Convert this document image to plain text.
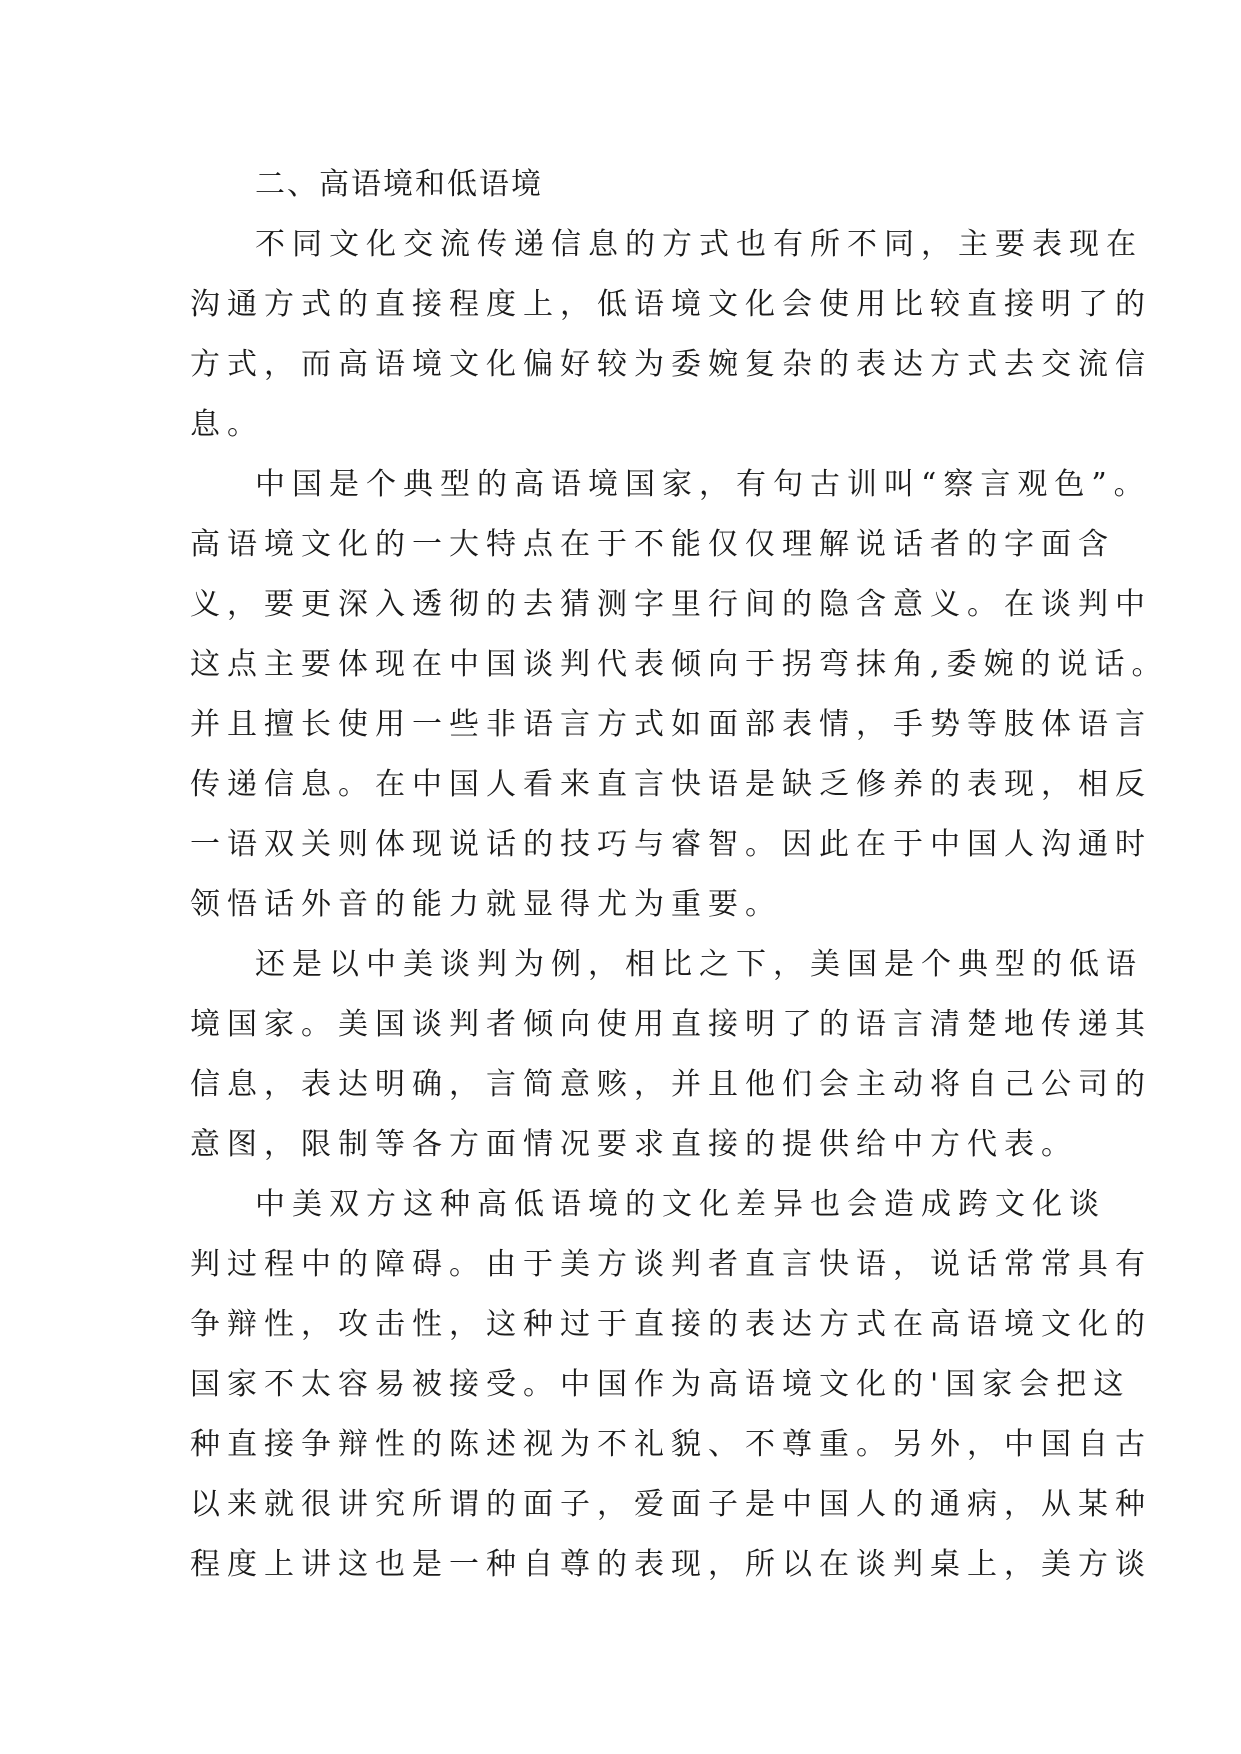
二、高语境和低语境

不同文化交流传递信息的方式也有所不同，主要表现在
沟通方式的直接程度上，低语境文化会使用比较直接明了的
方式，而高语境文化偏好较为委婉复杂的表达方式去交流信
息。

中国是个典型的高语境国家，有句古训叫“察言观色”。
高语境文化的一大特点在于不能仅仅理解说话者的字面含
义，要更深入透彻的去猜测字里行间的隐含意义。在谈判中
这点主要体现在中国谈判代表倾向于拐弯抹角,委婉的说话。
并且擅长使用一些非语言方式如面部表情，手势等肢体语言
传递信息。在中国人看来直言快语是缺乏修养的表现，相反
一语双关则体现说话的技巧与睿智。因此在于中国人沟通时
领悟话外音的能力就显得尤为重要。

还是以中美谈判为例，相比之下，美国是个典型的低语
境国家。美国谈判者倾向使用直接明了的语言清楚地传递其
信息，表达明确，言简意赅，并且他们会主动将自己公司的
意图，限制等各方面情况要求直接的提供给中方代表。

中美双方这种高低语境的文化差异也会造成跨文化谈
判过程中的障碍。由于美方谈判者直言快语，说话常常具有
争辩性，攻击性，这种过于直接的表达方式在高语境文化的
国家不太容易被接受。中国作为高语境文化的'国家会把这
种直接争辩性的陈述视为不礼貌、不尊重。另外，中国自古
以来就很讲究所谓的面子，爱面子是中国人的通病，从某种
程度上讲这也是一种自尊的表现，所以在谈判桌上，美方谈
